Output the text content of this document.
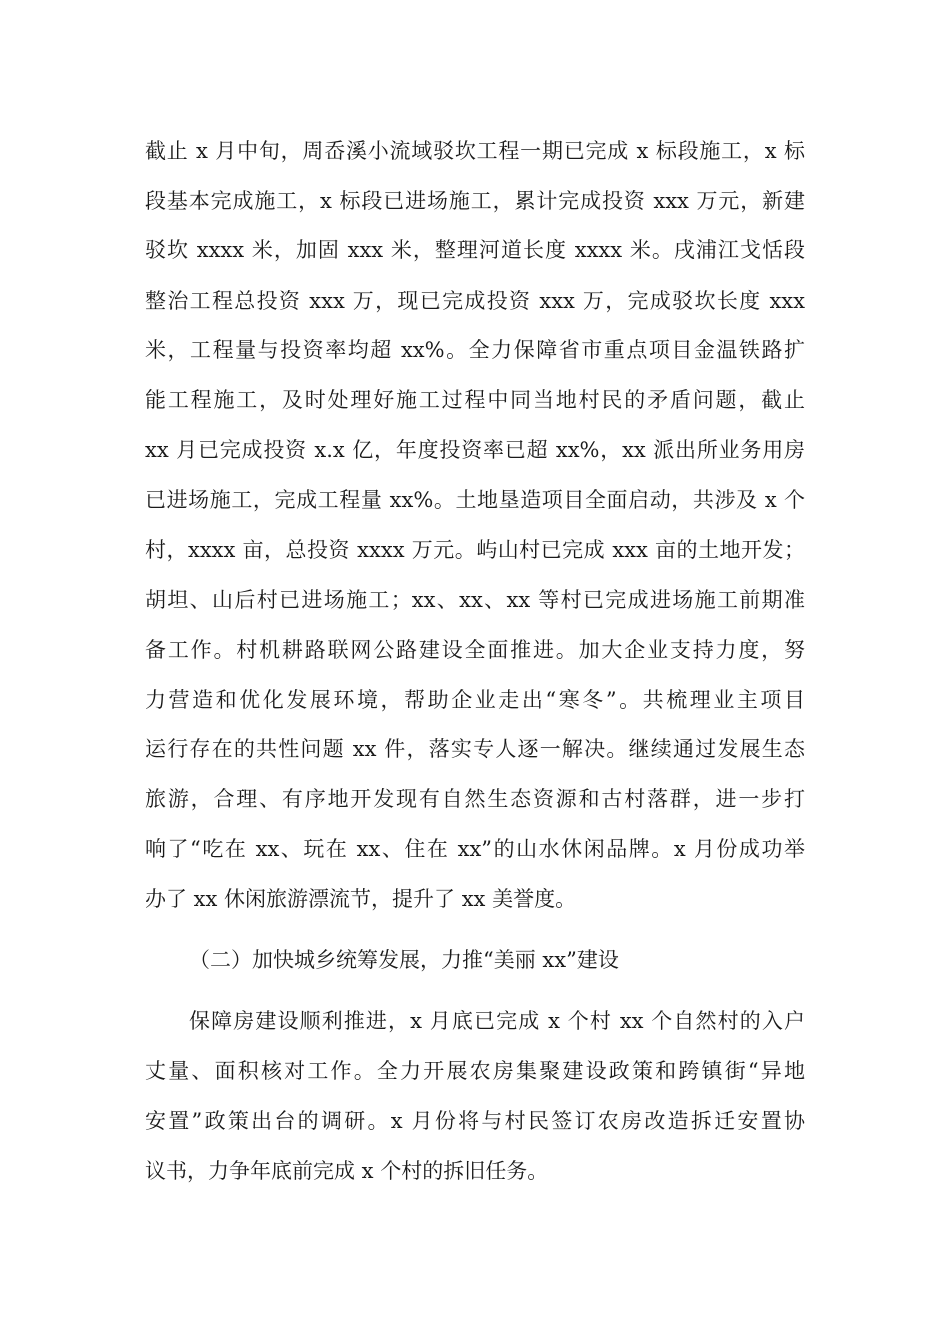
截止 x 月中旬，周岙溪小流域驳坎工程一期已完成 x 标段施工，x 标
段基本完成施工，x 标段已进场施工，累计完成投资 xxx 万元，新建
驳坎 xxxx 米，加固 xxx 米，整理河道长度 xxxx 米。戌浦江戈恬段
整治工程总投资 xxx 万，现已完成投资 xxx 万，完成驳坎长度 xxx
米，工程量与投资率均超 xx%。全力保障省市重点项目金温铁路扩
能工程施工，及时处理好施工过程中同当地村民的矛盾问题，截止
xx 月已完成投资 x.x 亿，年度投资率已超 xx%，xx 派出所业务用房
已进场施工，完成工程量 xx%。土地垦造项目全面启动，共涉及 x 个
村，xxxx 亩，总投资 xxxx 万元。屿山村已完成 xxx 亩的土地开发；
胡坦、山后村已进场施工；xx、xx、xx 等村已完成进场施工前期准
备工作。村机耕路联网公路建设全面推进。加大企业支持力度，努
力营造和优化发展环境，帮助企业走出“寒冬”。共梳理业主项目
运行存在的共性问题 xx 件，落实专人逐一解决。继续通过发展生态
旅游，合理、有序地开发现有自然生态资源和古村落群，进一步打
响了“吃在 xx、玩在 xx、住在 xx”的山水休闲品牌。x 月份成功举
办了 xx 休闲旅游漂流节，提升了 xx 美誉度。
（二）加快城乡统筹发展，力推“美丽 xx”建设
保障房建设顺利推进，x 月底已完成 x 个村 xx 个自然村的入户
丈量、面积核对工作。全力开展农房集聚建设政策和跨镇街“异地
安置”政策出台的调研。x 月份将与村民签订农房改造拆迁安置协
议书，力争年底前完成 x 个村的拆旧任务。
